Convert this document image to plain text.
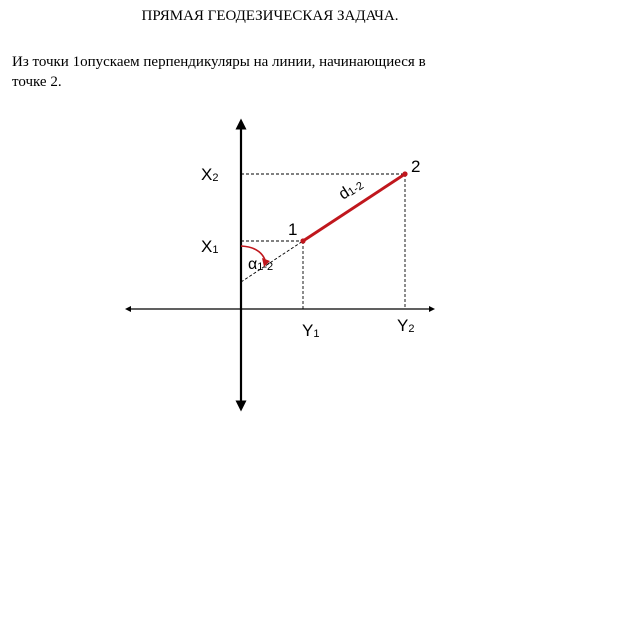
ПРЯМАЯ ГЕОДЕЗИЧЕСКАЯ ЗАДАЧА.
Из точки 1опускаем перпендикуляры на линии, начинающиеся в
точке 2.
X2
X1
Y1	Y2
1
2
d1-2
α1-2
